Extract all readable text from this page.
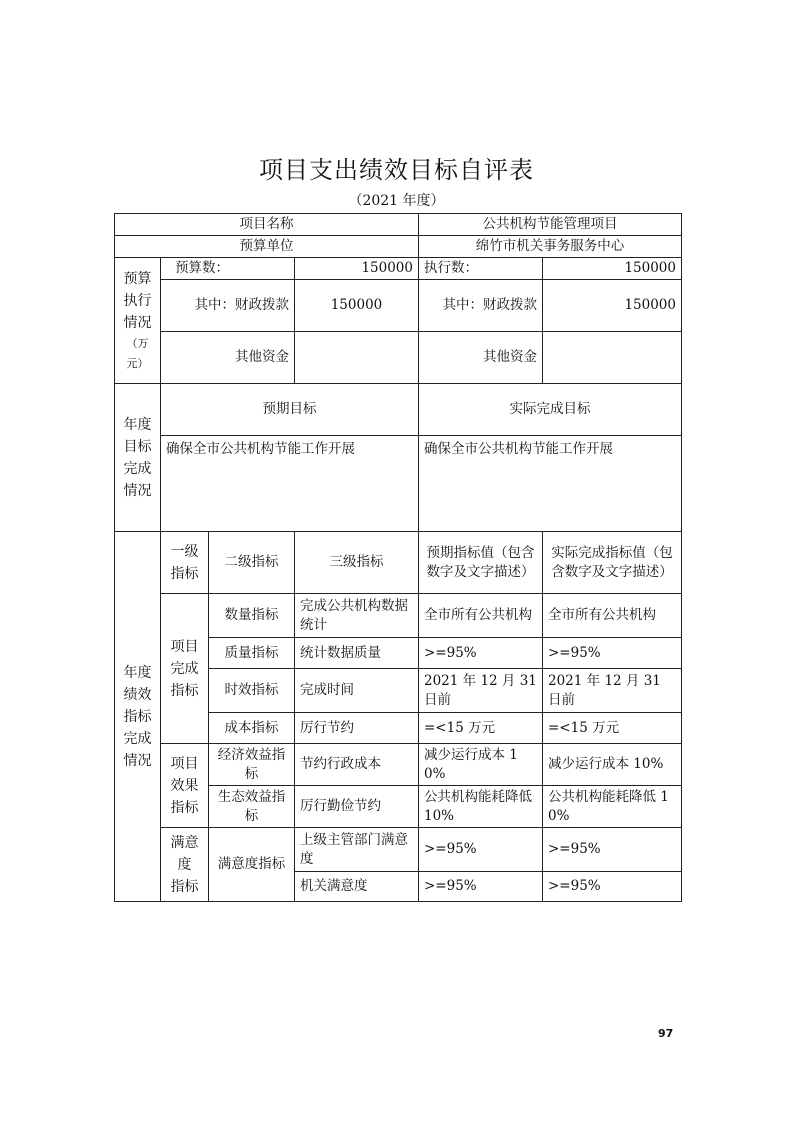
项目支出绩效目标自评表
（2021 年度）
项目名称				公共机构节能管理项目	
预算单位				绵竹市机关事务服务中心	
预算
执行
情况

（万
元）	预算数：		150000	执行数：	150000
	其中：财政拨款		150000	其中：财政拨款	150000
	其他资金			其他资金	
年度
目标
完成
情况	预期目标			实际完成目标	
	确保全市公共机构节能工作开展			确保全市公共机构节能工作开展	
年度
绩效
指标
完成
情况	一级
指标	二级指标	三级指标	预期指标值（包含数字及文字描述）	实际完成指标值（包含数字及文字描述）
	项目
完成
指标	数量指标	完成公共机构数据统计	全市所有公共机构	全市所有公共机构
		质量指标	统计数据质量	>=95%	>=95%
		时效指标	完成时间	2021 年 12 月 31 日前	2021 年 12 月 31 日前
		成本指标	厉行节约	=<15 万元	=<15 万元
	项目
效果
指标	经济效益指标	节约行政成本	减少运行成本 10%	减少运行成本 10%
		生态效益指标	厉行勤俭节约	公共机构能耗降低 10%	公共机构能耗降低 10%
	满意
度
指标	满意度指标	上级主管部门满意度	>=95%	>=95%
			机关满意度	>=95%	>=95%
97
